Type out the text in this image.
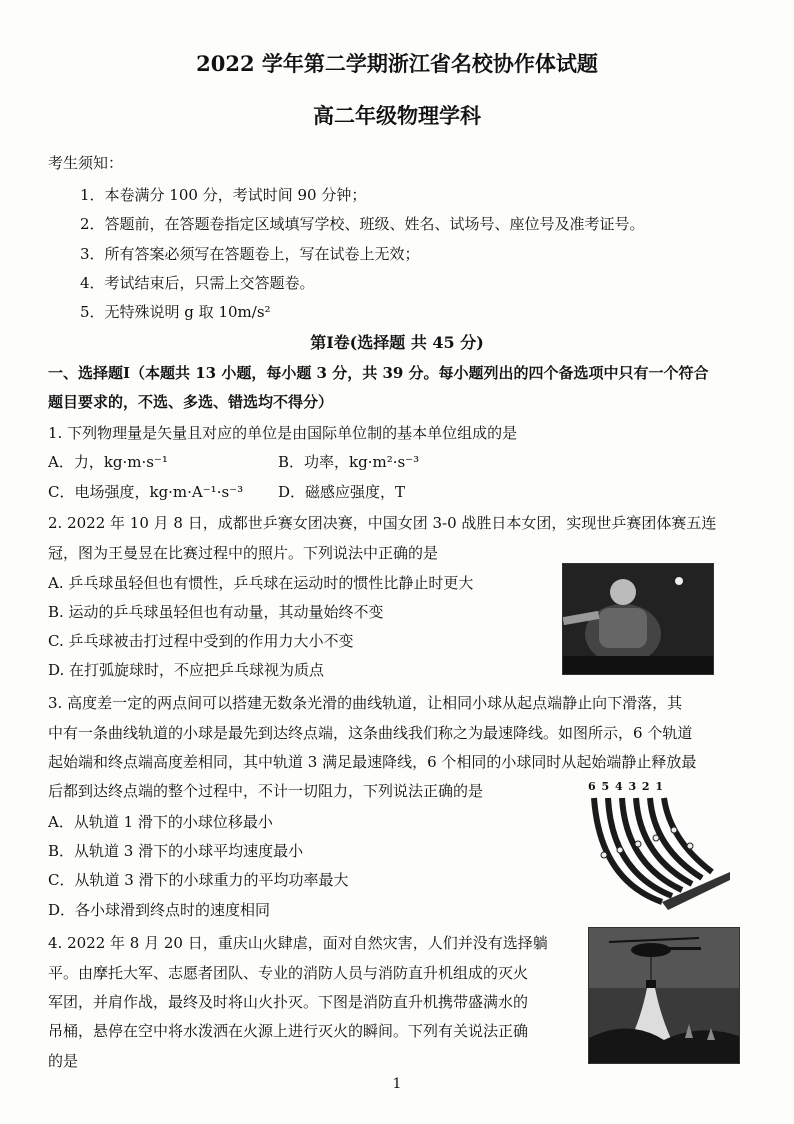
2022 学年第二学期浙江省名校协作体试题
高二年级物理学科
考生须知：
1．本卷满分 100 分，考试时间 90 分钟；
2．答题前，在答题卷指定区域填写学校、班级、姓名、试场号、座位号及准考证号。
3．所有答案必须写在答题卷上，写在试卷上无效；
4．考试结束后，只需上交答题卷。
5．无特殊说明 g 取 10m/s²
第Ⅰ卷(选择题 共 45 分)
一、选择题Ⅰ（本题共 13 小题，每小题 3 分，共 39 分。每小题列出的四个备选项中只有一个符合
题目要求的，不选、多选、错选均不得分）
1. 下列物理量是矢量且对应的单位是由国际单位制的基本单位组成的是
A．力，kg·m·s⁻¹	B．功率，kg·m²·s⁻³
C．电场强度，kg·m·A⁻¹·s⁻³ D．磁感应强度，T
2. 2022 年 10 月 8 日，成都世乒赛女团决赛，中国女团 3-0 战胜日本女团，实现世乒赛团体赛五连
冠，图为王曼昱在比赛过程中的照片。下列说法中正确的是
A. 乒乓球虽轻但也有惯性，乒乓球在运动时的惯性比静止时更大
B. 运动的乒乓球虽轻但也有动量，其动量始终不变
C. 乒乓球被击打过程中受到的作用力大小不变
D. 在打弧旋球时，不应把乒乓球视为质点
3. 高度差一定的两点间可以搭建无数条光滑的曲线轨道，让相同小球从起点端静止向下滑落，其
中有一条曲线轨道的小球是最先到达终点端，这条曲线我们称之为最速降线。如图所示，6 个轨道
起始端和终点端高度差相同，其中轨道 3 满足最速降线，6 个相同的小球同时从起始端静止释放最
后都到达终点端的整个过程中，不计一切阻力，下列说法正确的是
A．从轨道 1 滑下的小球位移最小
B．从轨道 3 滑下的小球平均速度最小
C．从轨道 3 滑下的小球重力的平均功率最大
D．各小球滑到终点时的速度相同
6 5 4 3 2 1
4. 2022 年 8 月 20 日，重庆山火肆虐，面对自然灾害，人们并没有选择躺
平。由摩托大军、志愿者团队、专业的消防人员与消防直升机组成的灭火
军团，并肩作战，最终及时将山火扑灭。下图是消防直升机携带盛满水的
吊桶，悬停在空中将水泼洒在火源上进行灭火的瞬间。下列有关说法正确
的是
1
